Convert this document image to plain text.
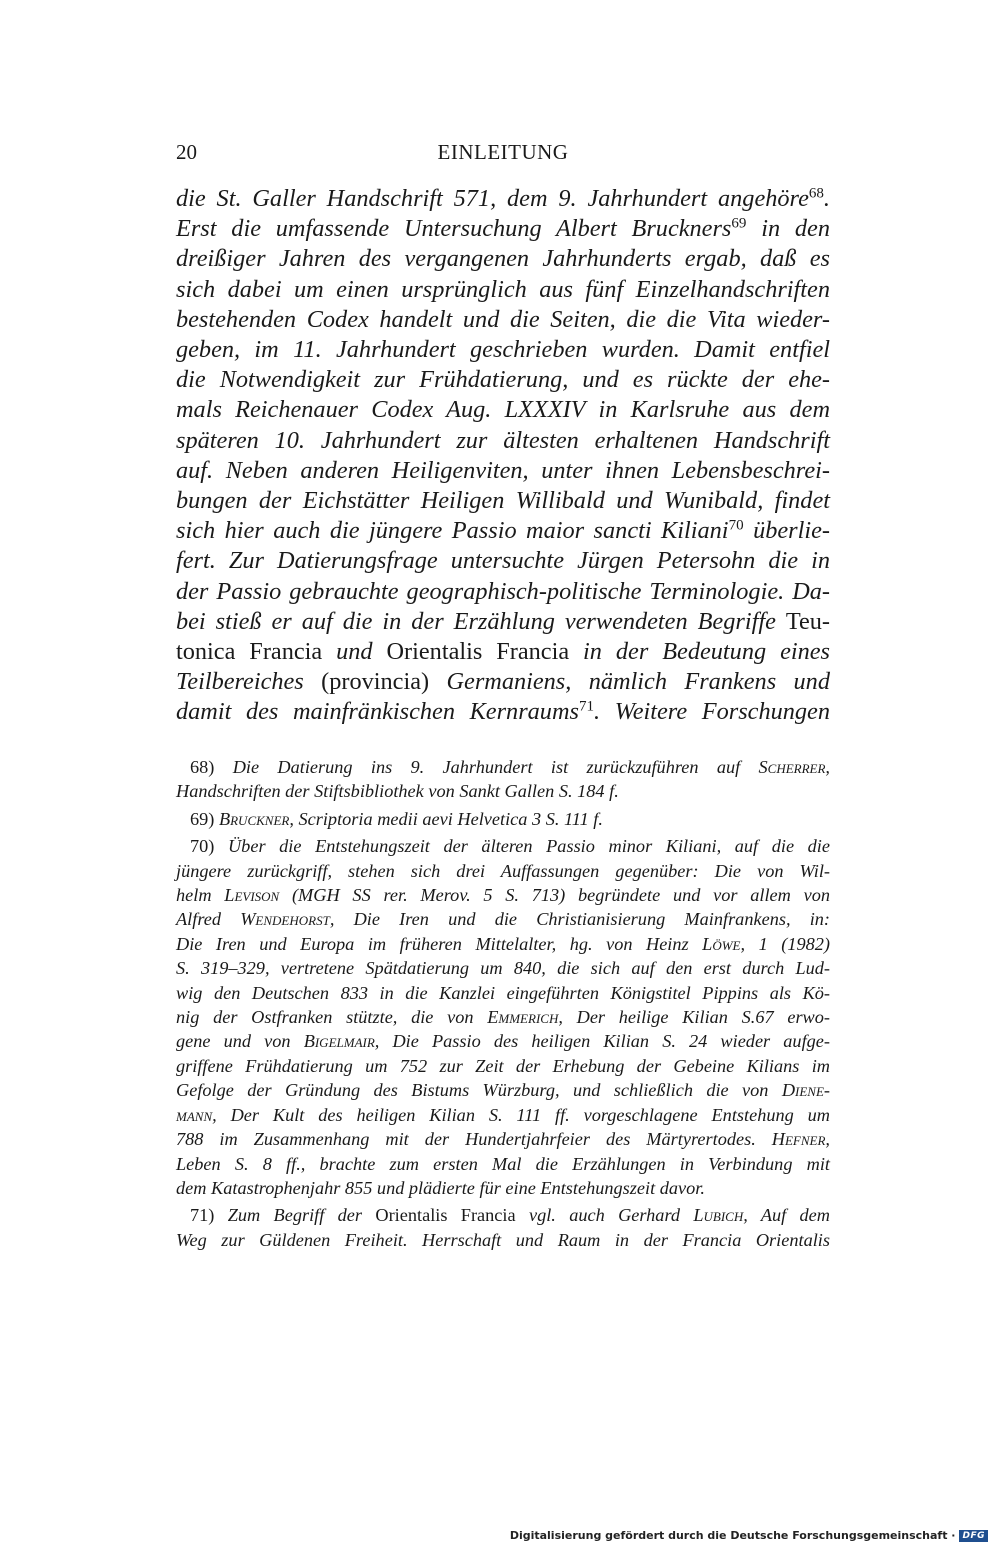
20	EINLEITUNG
die St. Galler Handschrift 571, dem 9. Jahrhundert angehöre$^{68}$.
Erst die umfassende Untersuchung Albert Bruckners$^{69}$ in den
dreißiger Jahren des vergangenen Jahrhunderts ergab, daß es
sich dabei um einen ursprünglich aus fünf Einzelhandschriften
bestehenden Codex handelt und die Seiten, die die Vita wieder-
geben, im 11. Jahrhundert geschrieben wurden. Damit entfiel
die Notwendigkeit zur Frühdatierung, und es rückte der ehe-
mals Reichenauer Codex Aug. LXXXIV in Karlsruhe aus dem
späteren 10. Jahrhundert zur ältesten erhaltenen Handschrift
auf. Neben anderen Heiligenviten, unter ihnen Lebensbeschrei-
bungen der Eichstätter Heiligen Willibald und Wunibald, findet
sich hier auch die jüngere Passio maior sancti Kiliani$^{70}$ überlie-
fert. Zur Datierungsfrage untersuchte Jürgen Petersohn die in
der Passio gebrauchte geographisch-politische Terminologie. Da-
bei stieß er auf die in der Erzählung verwendeten Begriffe Teu-
tonica Francia und Orientalis Francia in der Bedeutung eines
Teilbereiches (provincia) Germaniens, nämlich Frankens und
damit des mainfränkischen Kernraums$^{71}$. Weitere Forschungen
68) Die Datierung ins 9. Jahrhundert ist zurückzuführen auf Scherrer,
Handschriften der Stiftsbibliothek von Sankt Gallen S. 184 f.
69) Bruckner, Scriptoria medii aevi Helvetica 3 S. 111 f.
70) Über die Entstehungszeit der älteren Passio minor Kiliani, auf die die
jüngere zurückgriff, stehen sich drei Auffassungen gegenüber: Die von Wil-
helm Levison (MGH SS rer. Merov. 5 S. 713) begründete und vor allem von
Alfred Wendehorst, Die Iren und die Christianisierung Mainfrankens, in:
Die Iren und Europa im früheren Mittelalter, hg. von Heinz Löwe, 1 (1982)
S. 319–329, vertretene Spätdatierung um 840, die sich auf den erst durch Lud-
wig den Deutschen 833 in die Kanzlei eingeführten Königstitel Pippins als Kö-
nig der Ostfranken stützte, die von Emmerich, Der heilige Kilian S.67 erwo-
gene und von Bigelmair, Die Passio des heiligen Kilian S. 24 wieder aufge-
griffene Frühdatierung um 752 zur Zeit der Erhebung der Gebeine Kilians im
Gefolge der Gründung des Bistums Würzburg, und schließlich die von Diene-
mann, Der Kult des heiligen Kilian S. 111 ff. vorgeschlagene Entstehung um
788 im Zusammenhang mit der Hundertjahrfeier des Märtyrertodes. Hefner,
Leben S. 8 ff., brachte zum ersten Mal die Erzählungen in Verbindung mit
dem Katastrophenjahr 855 und plädierte für eine Entstehungszeit davor.
71) Zum Begriff der Orientalis Francia vgl. auch Gerhard Lubich, Auf dem
Weg zur Güldenen Freiheit. Herrschaft und Raum in der Francia Orientalis
Digitalisierung gefördert durch die Deutsche Forschungsgemeinschaft · DFG
